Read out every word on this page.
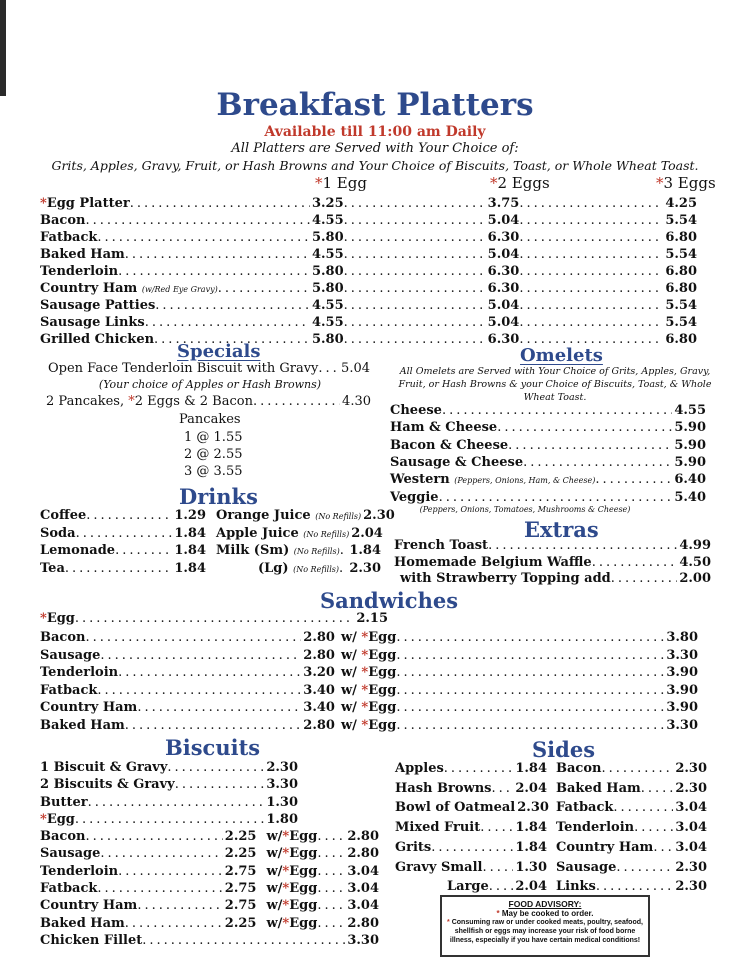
Breakfast Platters
Available till 11:00 am Daily
All Platters are Served with Your Choice of:
Grits, Apples, Gravy, Fruit, or Hash Browns and Your Choice of Biscuits, Toast, or Whole Wheat Toast.
*1 Egg	*2 Eggs	*3 Eggs
*Egg Platter .....	3.25 .....	3.75 .....	4.25
Bacon .....	4.55 .....	5.04 .....	5.54
Fatback .....	5.80 .....	6.30 .....	6.80
Baked Ham .....	4.55 .....	5.04 .....	5.54
Tenderloin .....	5.80 .....	6.30 .....	6.80
Country Ham (w/Red Eye Gravy) .....	5.80 .....	6.30 .....	6.80
Sausage Patties .....	4.55 .....	5.04 .....	5.54
Sausage Links .....	4.55 .....	5.04 .....	5.54
Grilled Chicken .....	5.80 .....	6.30 .....	6.80
Specials
Open Face Tenderloin Biscuit with Gravy ..... 5.04
(Your choice of Apples or Hash Browns)
2 Pancakes, *2 Eggs & 2 Bacon .....	4.30
Pancakes
1 @ 1.55
2 @ 2.55
3 @ 3.55
Omelets
All Omelets are Served with Your Choice of Grits, Apples, Gravy, Fruit, or Hash Browns & your Choice of Biscuits, Toast, & Whole Wheat Toast.
Cheese .....	4.55
Ham & Cheese .....	5.90
Bacon & Cheese .....	5.90
Sausage & Cheese .....	5.90
Western (Peppers, Onions, Ham, & Cheese) .....	6.40
Veggie .....	5.40
(Peppers, Onions, Tomatoes, Mushrooms & Cheese)
Drinks
Coffee .....	1.29
Soda .....	1.84
Lemonade .....	1.84
Tea .....	1.84
Orange Juice (No Refills) 2.30
Apple Juice (No Refills) 2.04
Milk (Sm) (No Refills) ..... 1.84
(Lg) (No Refills) ..... 2.30
Extras
French Toast .....	4.99
Homemade Belgium Waffle .....	4.50
with Strawberry Topping add .....	2.00
Sandwiches
*Egg .....	2.15
Bacon .....	2.80 w/ *Egg .....	3.80
Sausage .....	2.80 w/ *Egg .....	3.30
Tenderloin .....	3.20 w/ *Egg .....	3.90
Fatback .....	3.40 w/ *Egg .....	3.90
Country Ham .....	3.40 w/ *Egg .....	3.90
Baked Ham .....	2.80 w/ *Egg .....	3.30
Biscuits
1 Biscuit & Gravy .....	2.30
2 Biscuits & Gravy .....	3.30
Butter .....	1.30
*Egg .....	1.80
Bacon .....	2.25 w/*Egg ..... 2.80
Sausage .....	2.25 w/*Egg ..... 2.80
Tenderloin .....	2.75 w/*Egg ..... 3.04
Fatback .....	2.75 w/*Egg ..... 3.04
Country Ham .....	2.75 w/*Egg ..... 3.04
Baked Ham .....	2.25 w/*Egg ..... 2.80
Chicken Fillet .....	3.30
Sides
Apples .....	1.84
Hash Browns ..... 2.04
Bowl of Oatmeal 2.30
Mixed Fruit .....	1.84
Grits .....	1.84
Gravy Small .....	1.30
Large ..... 2.04
Bacon .....	2.30
Baked Ham .....	2.30
Fatback .....	3.04
Tenderloin .....	3.04
Country Ham ..... 3.04
Sausage .....	2.30
Links .....	2.30
FOOD ADVISORY:
* May be cooked to order.
* Consuming raw or under cooked meats, poultry, seafood, shellfish or eggs may increase your risk of food borne illness, especially if you have certain medical conditions!
